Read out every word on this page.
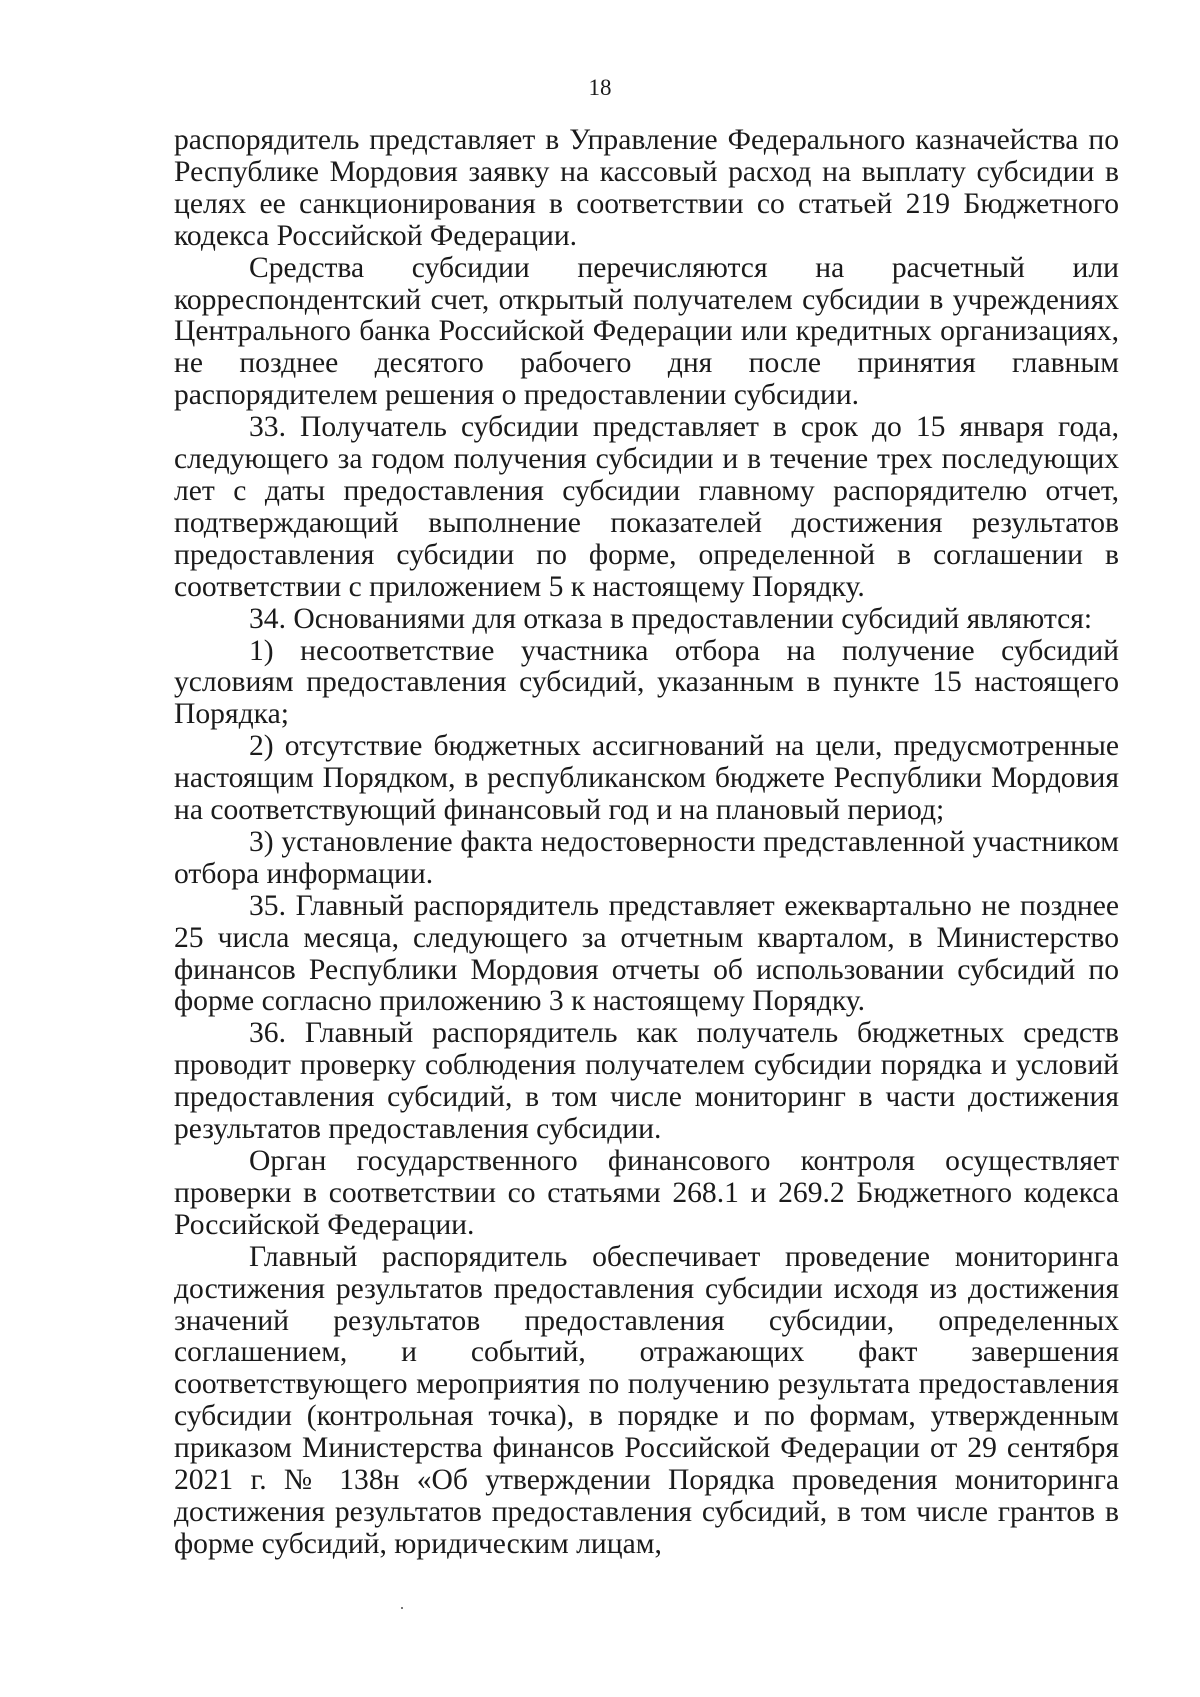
18

распорядитель представляет в Управление Федерального казначейства по Республике Мордовия заявку на кассовый расход на выплату субсидии в целях ее санкционирования в соответствии со статьей 219 Бюджетного кодекса Российской Федерации.

Средства субсидии перечисляются на расчетный или корреспондентский счет, открытый получателем субсидии в учреждениях Центрального банка Российской Федерации или кредитных организациях, не позднее десятого рабочего дня после принятия главным распорядителем решения о предоставлении субсидии.

33. Получатель субсидии представляет в срок до 15 января года, следующего за годом получения субсидии и в течение трех последующих лет с даты предоставления субсидии главному распорядителю отчет, подтверждающий выполнение показателей достижения результатов предоставления субсидии по форме, определенной в соглашении в соответствии с приложением 5 к настоящему Порядку.

34. Основаниями для отказа в предоставлении субсидий являются:

1) несоответствие участника отбора на получение субсидий условиям предоставления субсидий, указанным в пункте 15 настоящего Порядка;

2) отсутствие бюджетных ассигнований на цели, предусмотренные настоящим Порядком, в республиканском бюджете Республики Мордовия на соответствующий финансовый год и на плановый период;

3) установление факта недостоверности представленной участником отбора информации.

35. Главный распорядитель представляет ежеквартально не позднее 25 числа месяца, следующего за отчетным кварталом, в Министерство финансов Республики Мордовия отчеты об использовании субсидий по форме согласно приложению 3 к настоящему Порядку.

36. Главный распорядитель как получатель бюджетных средств проводит проверку соблюдения получателем субсидии порядка и условий предоставления субсидий, в том числе мониторинг в части достижения результатов предоставления субсидии.

Орган государственного финансового контроля осуществляет проверки в соответствии со статьями 268.1 и 269.2 Бюджетного кодекса Российской Федерации.

Главный распорядитель обеспечивает проведение мониторинга достижения результатов предоставления субсидии исходя из достижения значений результатов предоставления субсидии, определенных соглашением, и событий, отражающих факт завершения соответствующего мероприятия по получению результата предоставления субсидии (контрольная точка), в порядке и по формам, утвержденным приказом Министерства финансов Российской Федерации от 29 сентября 2021 г. № 138н «Об утверждении Порядка проведения мониторинга достижения результатов предоставления субсидий, в том числе грантов в форме субсидий, юридическим лицам,
